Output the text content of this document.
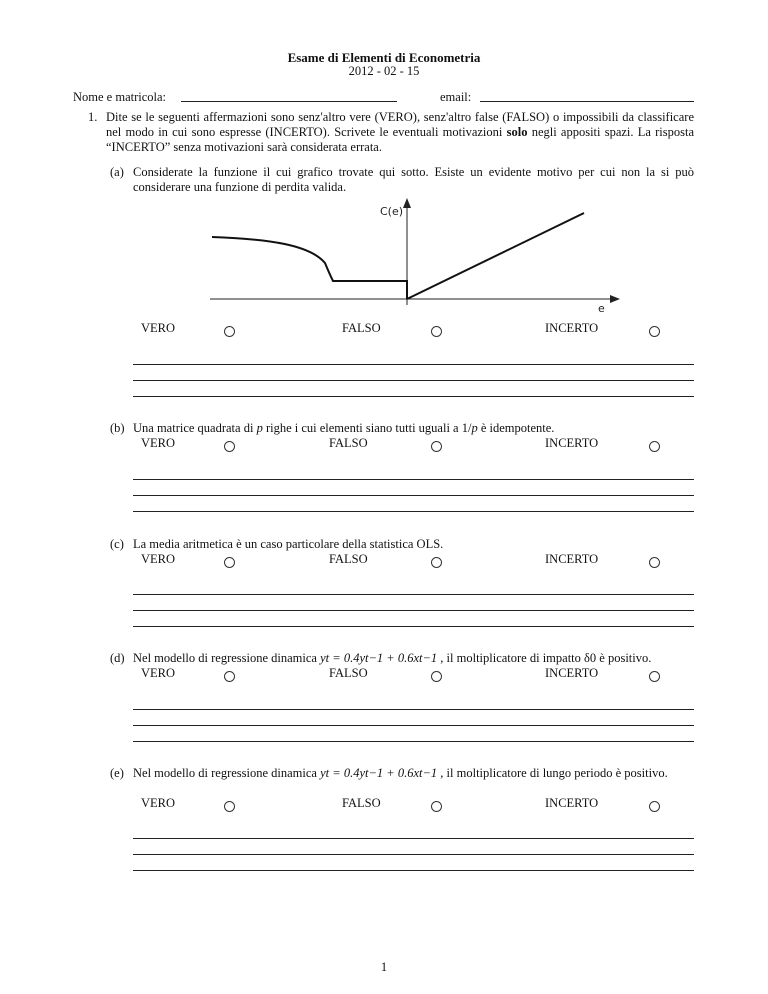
Esame di Elementi di Econometria
2012 - 02 - 15
Nome e matricola:	email:
1. Dite se le seguenti affermazioni sono senz'altro vere (VERO), senz'altro false (FALSO) o impossibili da classificare nel modo in cui sono espresse (INCERTO). Scrivete le eventuali motivazioni solo negli appositi spazi. La risposta “INCERTO” senza motivazioni sarà considerata errata.
(a) Considerate la funzione il cui grafico trovate qui sotto. Esiste un evidente motivo per cui non la si può considerare una funzione di perdita valida.
C(e)
e
VERO	FALSO	INCERTO
(b) Una matrice quadrata di p righe i cui elementi siano tutti uguali a 1/p è idempotente.
VERO	FALSO	INCERTO
(c) La media aritmetica è un caso particolare della statistica OLS.
VERO	FALSO	INCERTO
(d) Nel modello di regressione dinamica yt = 0.4yt−1 + 0.6xt−1 , il moltiplicatore di impatto δ0 è positivo.
VERO	FALSO	INCERTO
(e) Nel modello di regressione dinamica yt = 0.4yt−1 + 0.6xt−1 , il moltiplicatore di lungo periodo è positivo.
VERO	FALSO	INCERTO
1
